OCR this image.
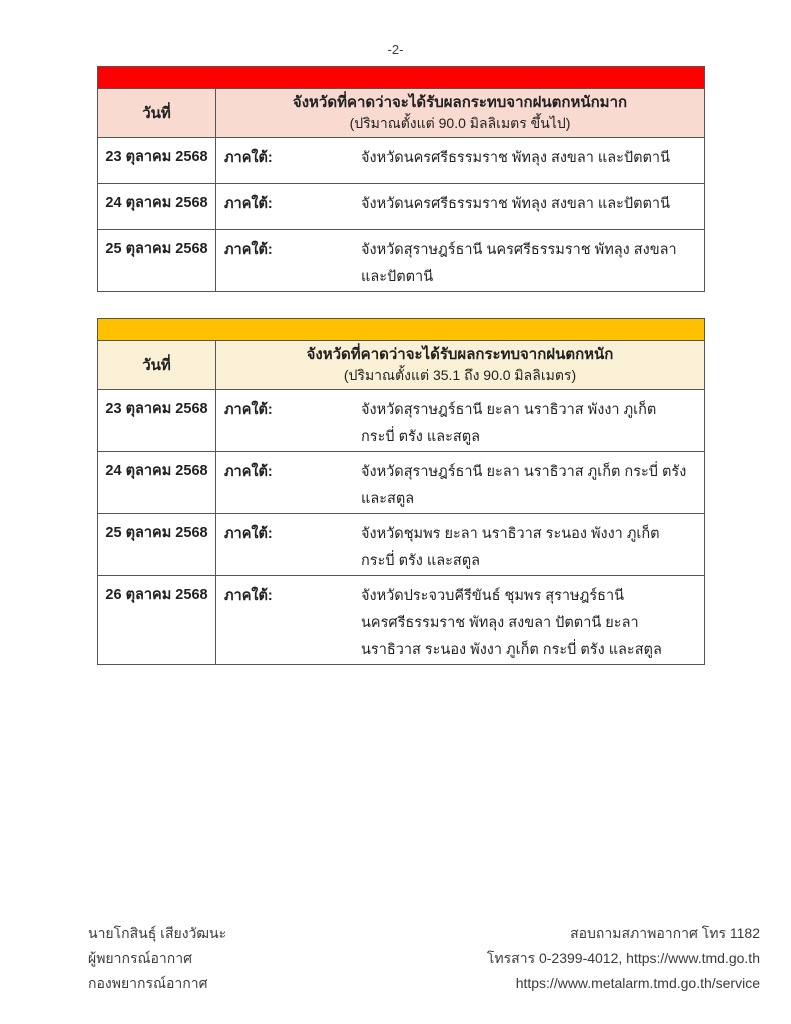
-2-

วันที่	จังหวัดที่คาดว่าจะได้รับผลกระทบจากฝนตกหนักมาก
(ปริมาณตั้งแต่ 90.0 มิลลิเมตร ขึ้นไป)

23 ตุลาคม 2568	ภาคใต้: จังหวัดนครศรีธรรมราช พัทลุง สงขลา และปัตตานี

24 ตุลาคม 2568	ภาคใต้: จังหวัดนครศรีธรรมราช พัทลุง สงขลา และปัตตานี

25 ตุลาคม 2568	ภาคใต้: จังหวัดสุราษฎร์ธานี นครศรีธรรมราช พัทลุง สงขลา และปัตตานี

วันที่	จังหวัดที่คาดว่าจะได้รับผลกระทบจากฝนตกหนัก
(ปริมาณตั้งแต่ 35.1 ถึง 90.0 มิลลิเมตร)

23 ตุลาคม 2568	ภาคใต้: จังหวัดสุราษฎร์ธานี ยะลา นราธิวาส พังงา ภูเก็ต กระบี่ ตรัง และสตูล

24 ตุลาคม 2568	ภาคใต้: จังหวัดสุราษฎร์ธานี ยะลา นราธิวาส ภูเก็ต กระบี่ ตรัง และสตูล

25 ตุลาคม 2568	ภาคใต้: จังหวัดชุมพร ยะลา นราธิวาส ระนอง พังงา ภูเก็ต กระบี่ ตรัง และสตูล

26 ตุลาคม 2568	ภาคใต้: จังหวัดประจวบคีรีขันธ์ ชุมพร สุราษฎร์ธานี นครศรีธรรมราช พัทลุง สงขลา ปัตตานี ยะลา นราธิวาส ระนอง พังงา ภูเก็ต กระบี่ ตรัง และสตูล
นายโกสินธุ์ เสียงวัฒนะ
ผู้พยากรณ์อากาศ
กองพยากรณ์อากาศ
สอบถามสภาพอากาศ โทร 1182
โทรสาร 0-2399-4012, https://www.tmd.go.th
https://www.metalarm.tmd.go.th/service
